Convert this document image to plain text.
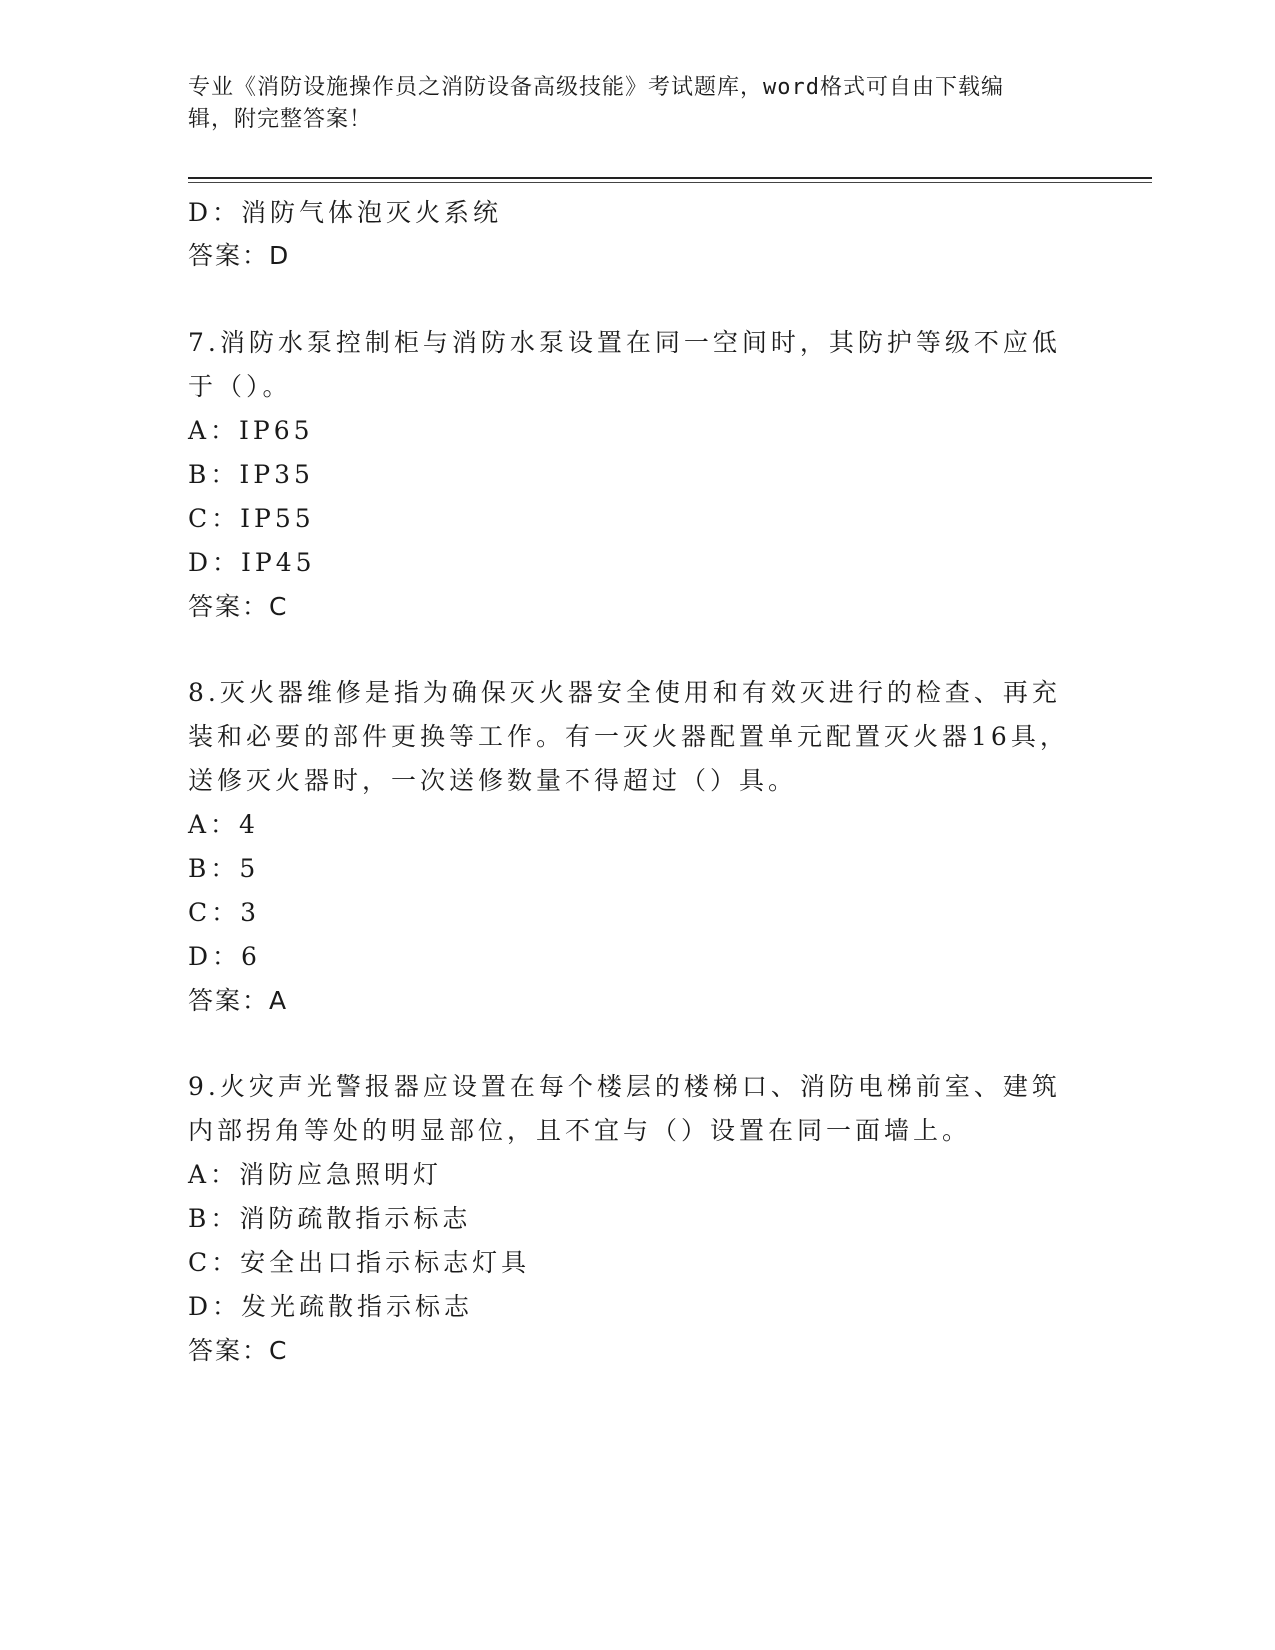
专业《消防设施操作员之消防设备高级技能》考试题库，word格式可自由下载编
辑，附完整答案！
D：消防气体泡灭火系统
答案：D
7.消防水泵控制柜与消防水泵设置在同一空间时，其防护等级不应低
于（）。
A：IP65
B：IP35
C：IP55
D：IP45
答案：C
8.灭火器维修是指为确保灭火器安全使用和有效灭进行的检查、再充
装和必要的部件更换等工作。有一灭火器配置单元配置灭火器16具，
送修灭火器时，一次送修数量不得超过（）具。
A：4
B：5
C：3
D：6
答案：A
9.火灾声光警报器应设置在每个楼层的楼梯口、消防电梯前室、建筑
内部拐角等处的明显部位，且不宜与（）设置在同一面墙上。
A：消防应急照明灯
B：消防疏散指示标志
C：安全出口指示标志灯具
D：发光疏散指示标志
答案：C
